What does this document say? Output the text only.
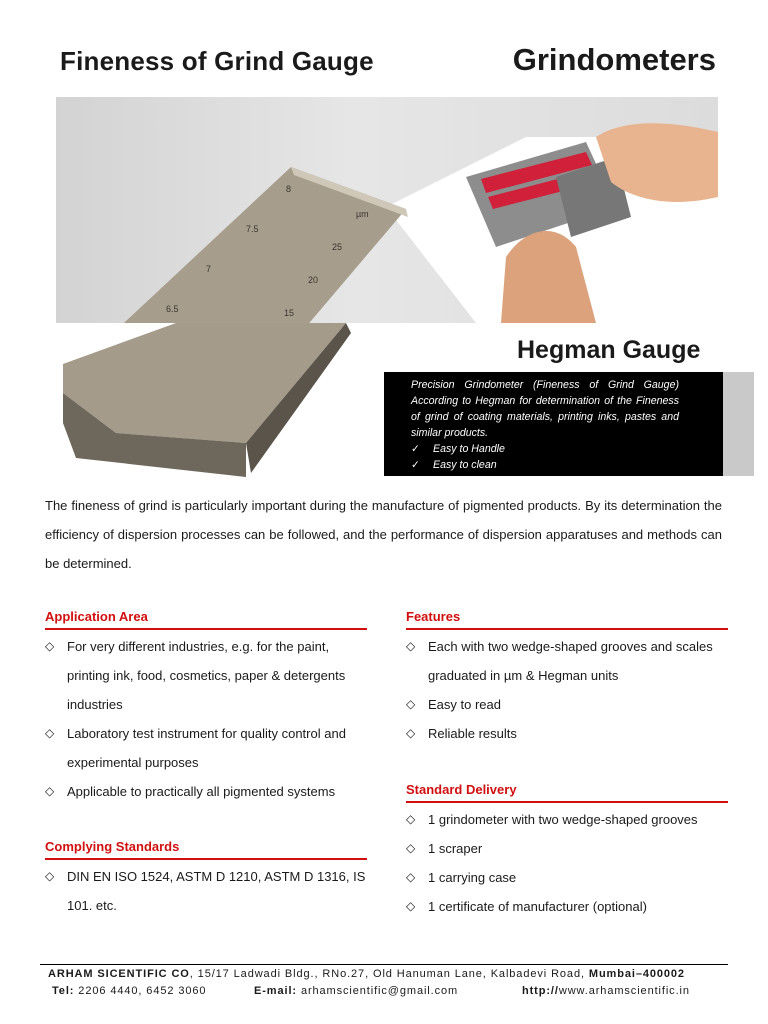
Fineness of Grind Gauge	Grindometers
8
7.5
7
6.5
µm
25
20
15
Hegman Gauge
Precision Grindometer (Fineness of Grind Gauge) According to Hegman for determination of the Fineness of grind of coating materials, printing inks, pastes and similar products.
✓	Easy to Handle
✓	Easy to clean
The fineness of grind is particularly important during the manufacture of pigmented products. By its determination the efficiency of dispersion processes can be followed, and the performance of dispersion apparatuses and methods can be determined.
Application Area
◇ For very different industries, e.g. for the paint, printing ink, food, cosmetics, paper & detergents industries
◇ Laboratory test instrument for quality control and experimental purposes
◇ Applicable to practically all pigmented systems
Complying Standards
◇ DIN EN ISO 1524, ASTM D 1210, ASTM D 1316, IS 101. etc.
Features
◇ Each with two wedge-shaped grooves and scales graduated in µm & Hegman units
◇ Easy to read
◇ Reliable results
Standard Delivery
◇ 1 grindometer with two wedge-shaped grooves
◇ 1 scraper
◇ 1 carrying case
◇ 1 certificate of manufacturer (optional)
ARHAM SICENTIFIC CO, 15/17 Ladwadi Bldg., RNo.27, Old Hanuman Lane, Kalbadevi Road, Mumbai–400002
Tel: 2206 4440, 6452 3060	E-mail: arhamscientific@gmail.com	http://www.arhamscientific.in
